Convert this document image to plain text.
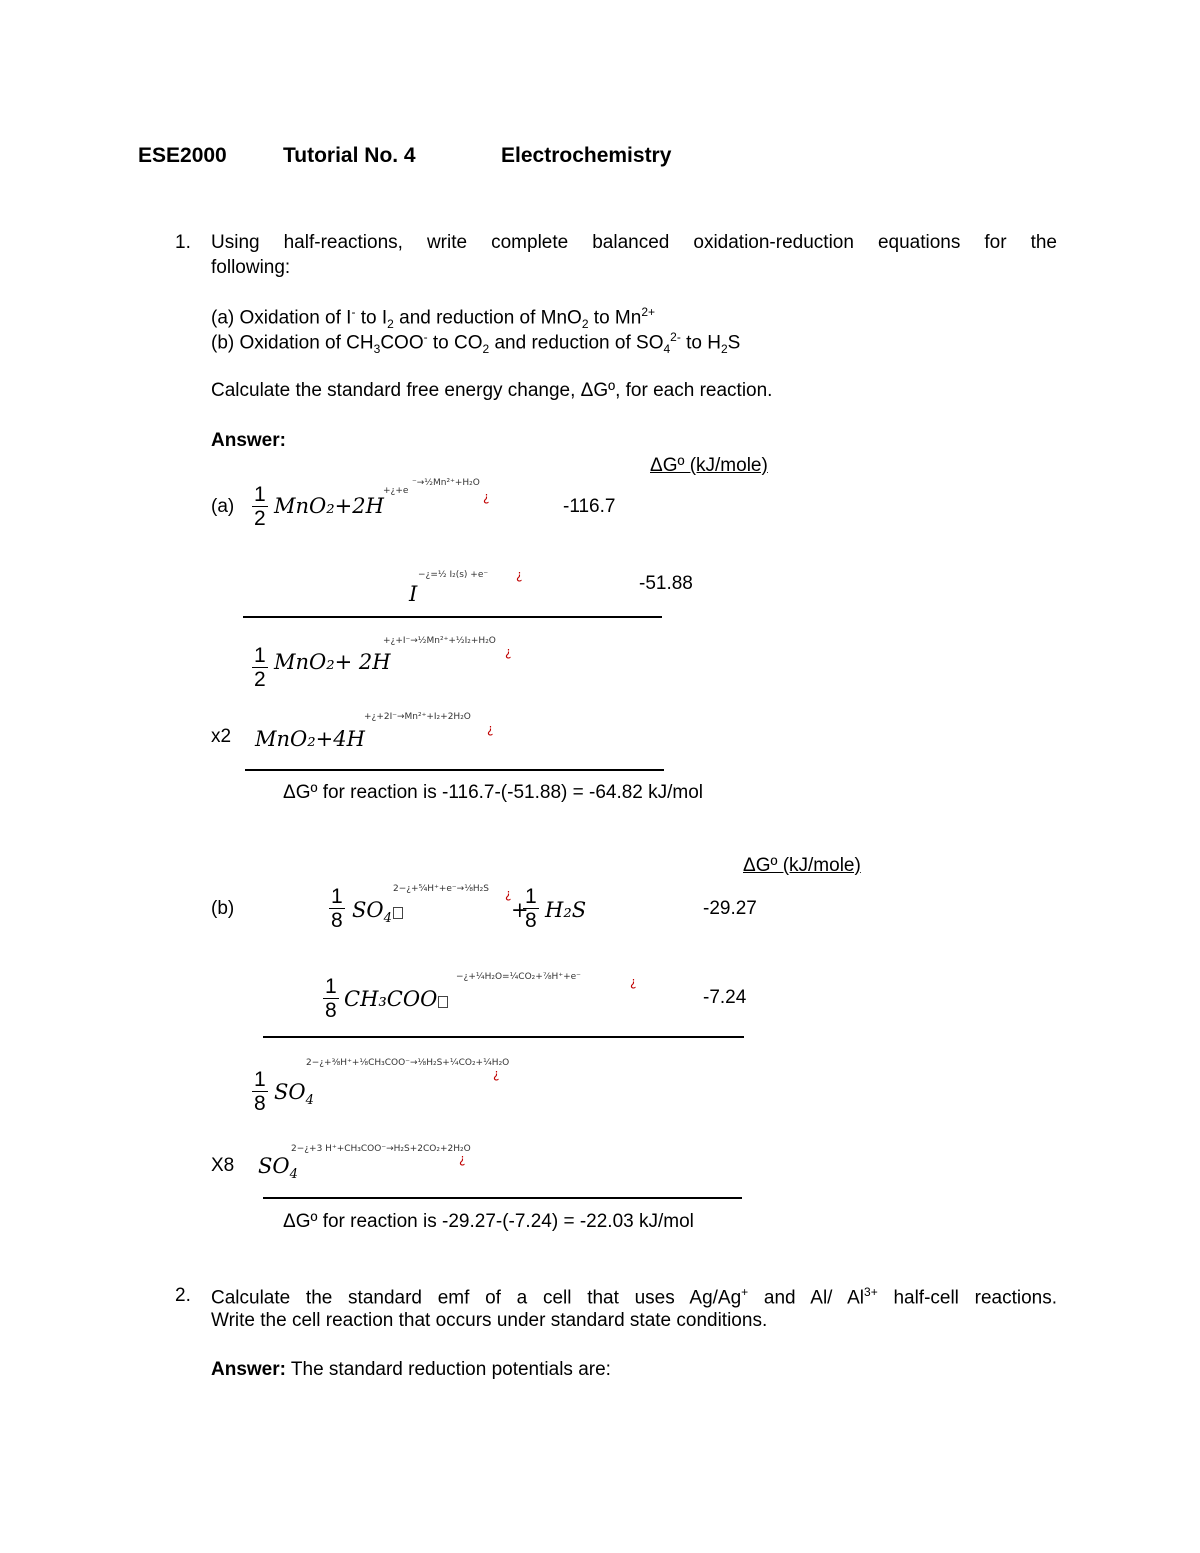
ESE2000	Tutorial No. 4	Electrochemistry
1. Using half-reactions, write complete balanced oxidation-reduction equations for the
following:
(a) Oxidation of I- to $I_2$ and reduction of MnO$_2$ to $Mn^{2+}$
(b) Oxidation of $CH_3COO^-$ to $CO_2$ and reduction of $SO_4^{2-}$ to $H_2S$
Calculate the standard free energy change, ΔGº, for each reaction.
Answer:
ΔGº (kJ/mole)
$(a) \frac{1}{2} MnO_2+2H$
+¿+e
⁻→½Mn²⁺+H₂O
¿	-116.7
I
−¿=½ I₂(s) +e⁻ ¿	-51.88
$\frac{1}{2} MnO_2+ 2H$
+¿+I⁻→½Mn²⁺+½I₂+H₂O
¿
x2 MnO₂+4H
+¿+2I⁻→Mn²⁺+I₂+2H₂O
¿
ΔGº for reaction is -116.7-(-51.88) = -64.82 kJ/mol
ΔGº (kJ/mole)
(b)	$\frac{1}{8} SO_4$
2−¿+⁵⁄₄H⁺+e⁻→⅛H₂S ¿
+
$\frac{1}{8} H_2S$	-29.27
$\frac{1}{8} CH_3COO$
−¿+¼H₂O=¼CO₂+⅞H⁺+e⁻	¿
-7.24
$\frac{1}{8} SO_4$
2−¿+⅜H⁺+⅛CH₃COO⁻→⅛H₂S+¼CO₂+¼H₂O
¿
X8 $SO_4$
2−¿+3 H⁺+CH₃COO⁻→H₂S+2CO₂+2H₂O
¿
ΔGº for reaction is -29.27-(-7.24) = -22.03 kJ/mol
2. Calculate the standard emf of a cell that uses Ag/Ag+ and Al/ $Al^{3+}$ half-cell reactions.
Write the cell reaction that occurs under standard state conditions.
Answer: The standard reduction potentials are:
